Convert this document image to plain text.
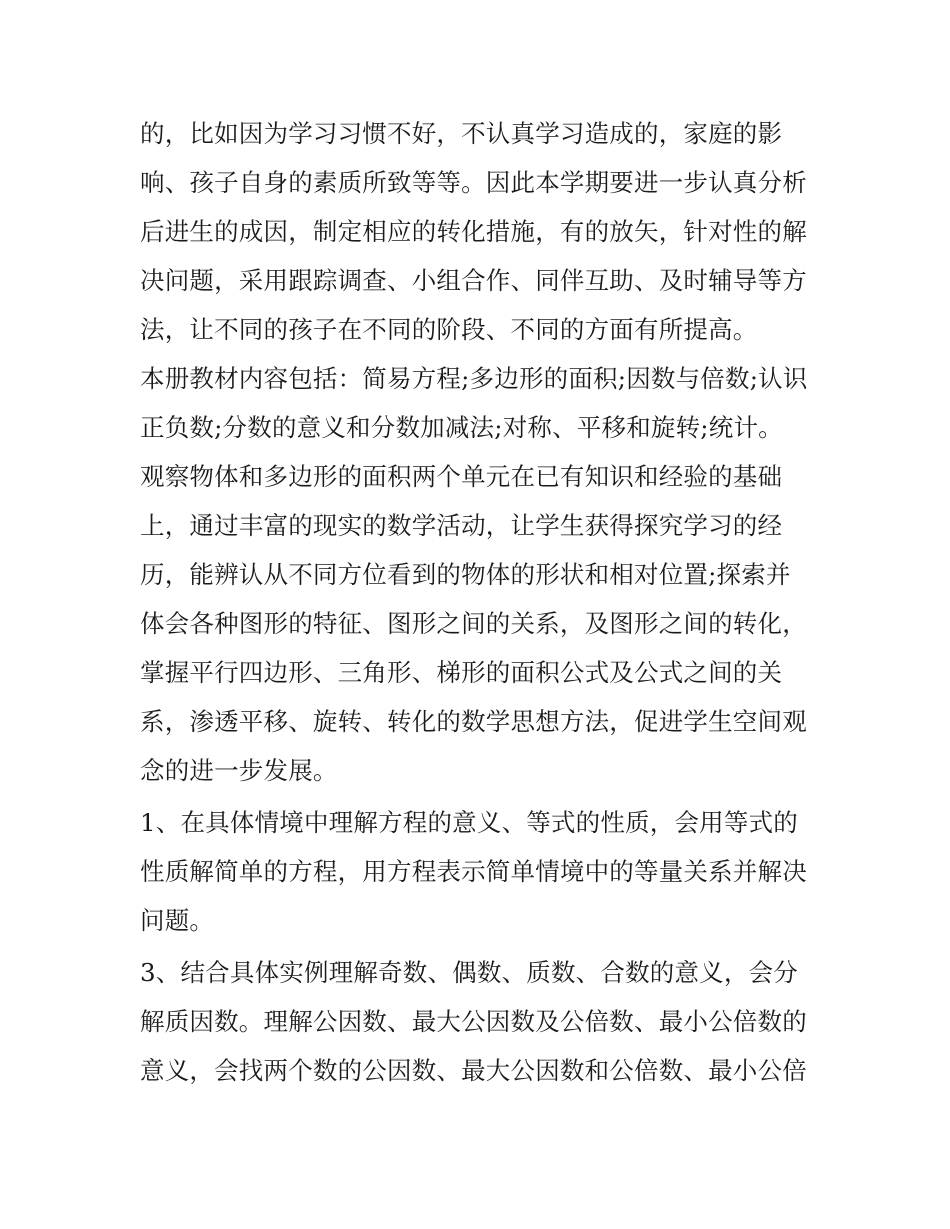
的，比如因为学习习惯不好，不认真学习造成的，家庭的影
响、孩子自身的素质所致等等。因此本学期要进一步认真分析
后进生的成因，制定相应的转化措施，有的放矢，针对性的解
决问题，采用跟踪调查、小组合作、同伴互助、及时辅导等方
法，让不同的孩子在不同的阶段、不同的方面有所提高。
本册教材内容包括：简易方程;多边形的面积;因数与倍数;认识
正负数;分数的意义和分数加减法;对称、平移和旋转;统计。
观察物体和多边形的面积两个单元在已有知识和经验的基础
上，通过丰富的现实的数学活动，让学生获得探究学习的经
历，能辨认从不同方位看到的物体的形状和相对位置;探索并
体会各种图形的特征、图形之间的关系，及图形之间的转化，
掌握平行四边形、三角形、梯形的面积公式及公式之间的关
系，渗透平移、旋转、转化的数学思想方法，促进学生空间观
念的进一步发展。
1、在具体情境中理解方程的意义、等式的性质，会用等式的
性质解简单的方程，用方程表示简单情境中的等量关系并解决
问题。
3、结合具体实例理解奇数、偶数、质数、合数的意义，会分
解质因数。理解公因数、最大公因数及公倍数、最小公倍数的
意义，会找两个数的公因数、最大公因数和公倍数、最小公倍
